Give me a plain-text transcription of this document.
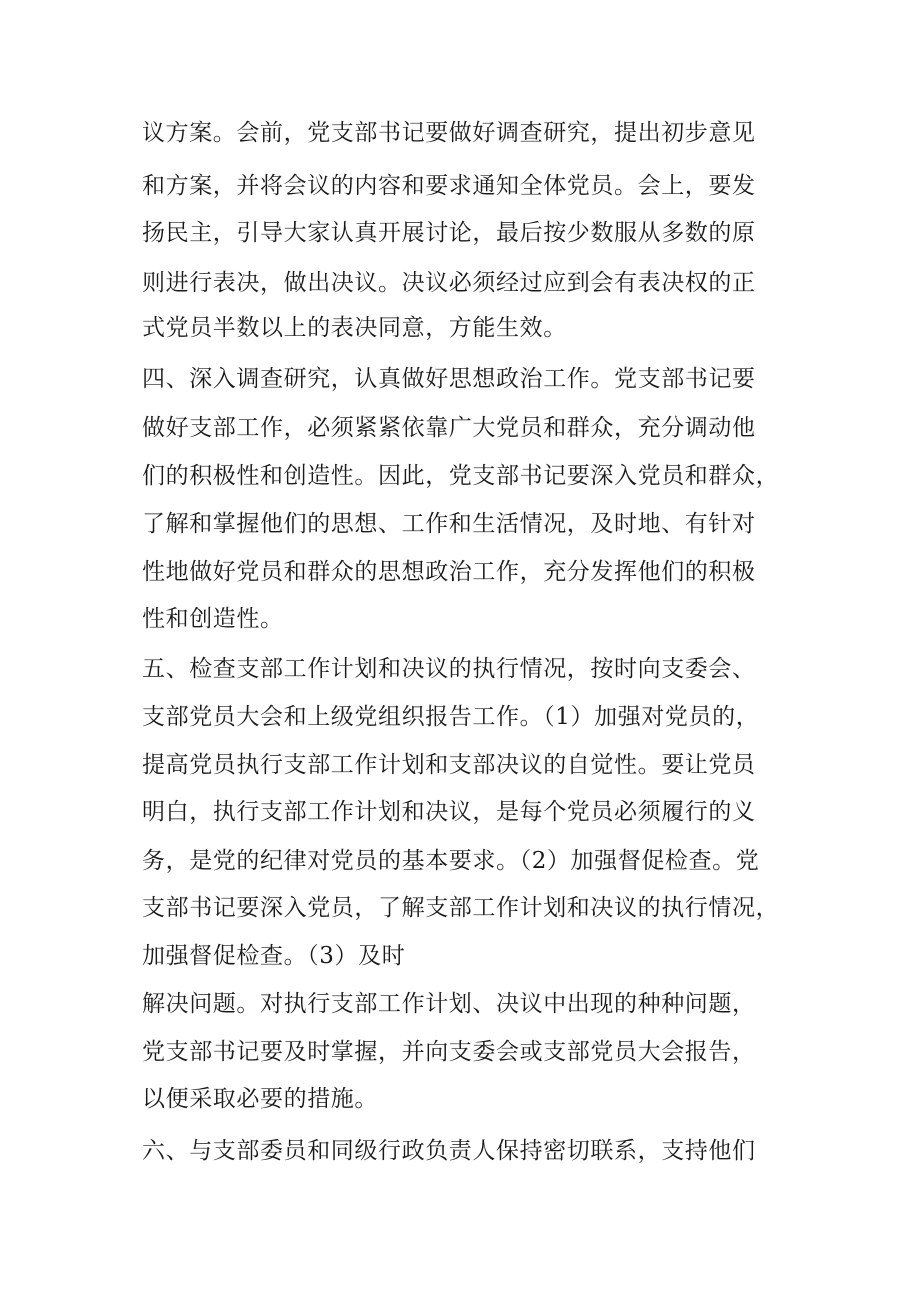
议方案。会前，党支部书记要做好调查研究，提出初步意见
和方案，并将会议的内容和要求通知全体党员。会上，要发
扬民主，引导大家认真开展讨论，最后按少数服从多数的原
则进行表决，做出决议。决议必须经过应到会有表决权的正
式党员半数以上的表决同意，方能生效。
四、深入调查研究，认真做好思想政治工作。党支部书记要
做好支部工作，必须紧紧依靠广大党员和群众，充分调动他
们的积极性和创造性。因此，党支部书记要深入党员和群众，
了解和掌握他们的思想、工作和生活情况，及时地、有针对
性地做好党员和群众的思想政治工作，充分发挥他们的积极
性和创造性。
五、检查支部工作计划和决议的执行情况，按时向支委会、
支部党员大会和上级党组织报告工作。（1）加强对党员的，
提高党员执行支部工作计划和支部决议的自觉性。要让党员
明白，执行支部工作计划和决议，是每个党员必须履行的义
务，是党的纪律对党员的基本要求。（2）加强督促检查。党
支部书记要深入党员，了解支部工作计划和决议的执行情况，
加强督促检查。（3）及时
解决问题。对执行支部工作计划、决议中出现的种种问题，
党支部书记要及时掌握，并向支委会或支部党员大会报告，
以便采取必要的措施。
六、与支部委员和同级行政负责人保持密切联系，支持他们
